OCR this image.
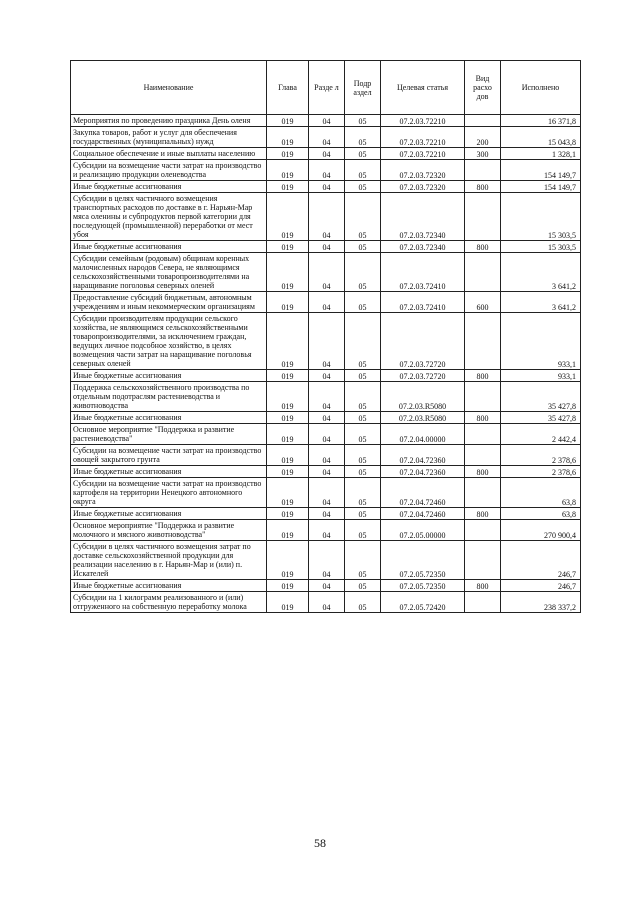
Наименование	Глава	Разде л	Подр аздел	Целевая статья	Вид расхо дов	Исполнено
Мероприятия по проведению праздника День оленя	019	04	05	07.2.03.72210		16 371,8
Закупка товаров, работ и услуг для обеспечения государственных (муниципальных) нужд	019	04	05	07.2.03.72210	200	15 043,8
Социальное обеспечение и иные выплаты населению	019	04	05	07.2.03.72210	300	1 328,1
Субсидии на возмещение части затрат на производство и реализацию продукции оленеводства	019	04	05	07.2.03.72320		154 149,7
Иные бюджетные ассигнования	019	04	05	07.2.03.72320	800	154 149,7
Субсидии в целях частичного возмещения транспортных расходов по доставке в г. Нарьян-Мар мяса оленины и субпродуктов первой категории для последующей (промышленной) переработки от мест убоя	019	04	05	07.2.03.72340		15 303,5
Иные бюджетные ассигнования	019	04	05	07.2.03.72340	800	15 303,5
Субсидии семейным (родовым) общинам коренных малочисленных народов Севера, не являющимся сельскохозяйственными товаропроизводителями на наращивание поголовья северных оленей	019	04	05	07.2.03.72410		3 641,2
Предоставление субсидий бюджетным, автономным учреждениям и иным некоммерческим организациям	019	04	05	07.2.03.72410	600	3 641,2
Субсидии производителям продукции сельского хозяйства, не являющимся сельскохозяйственными товаропроизводителями, за исключением граждан, ведущих личное подсобное хозяйство, в целях возмещения части затрат на наращивание поголовья северных оленей	019	04	05	07.2.03.72720		933,1
Иные бюджетные ассигнования	019	04	05	07.2.03.72720	800	933,1
Поддержка сельскохозяйственного производства по отдельным подотраслям растениеводства и животноводства	019	04	05	07.2.03.R5080		35 427,8
Иные бюджетные ассигнования	019	04	05	07.2.03.R5080	800	35 427,8
Основное мероприятие "Поддержка и развитие растениеводства"	019	04	05	07.2.04.00000		2 442,4
Субсидии на возмещение части затрат на производство овощей закрытого грунта	019	04	05	07.2.04.72360		2 378,6
Иные бюджетные ассигнования	019	04	05	07.2.04.72360	800	2 378,6
Субсидии на возмещение части затрат на производство картофеля на территории Ненецкого автономного округа	019	04	05	07.2.04.72460		63,8
Иные бюджетные ассигнования	019	04	05	07.2.04.72460	800	63,8
Основное мероприятие "Поддержка и развитие молочного и мясного животноводства"	019	04	05	07.2.05.00000		270 900,4
Субсидии в целях частичного возмещения затрат по доставке сельскохозяйственной продукции для реализации населению в г. Нарьян-Мар и (или) п. Искателей	019	04	05	07.2.05.72350		246,7
Иные бюджетные ассигнования	019	04	05	07.2.05.72350	800	246,7
Субсидии на 1 килограмм реализованного и (или) отгруженного на собственную переработку молока	019	04	05	07.2.05.72420		238 337,2
58
